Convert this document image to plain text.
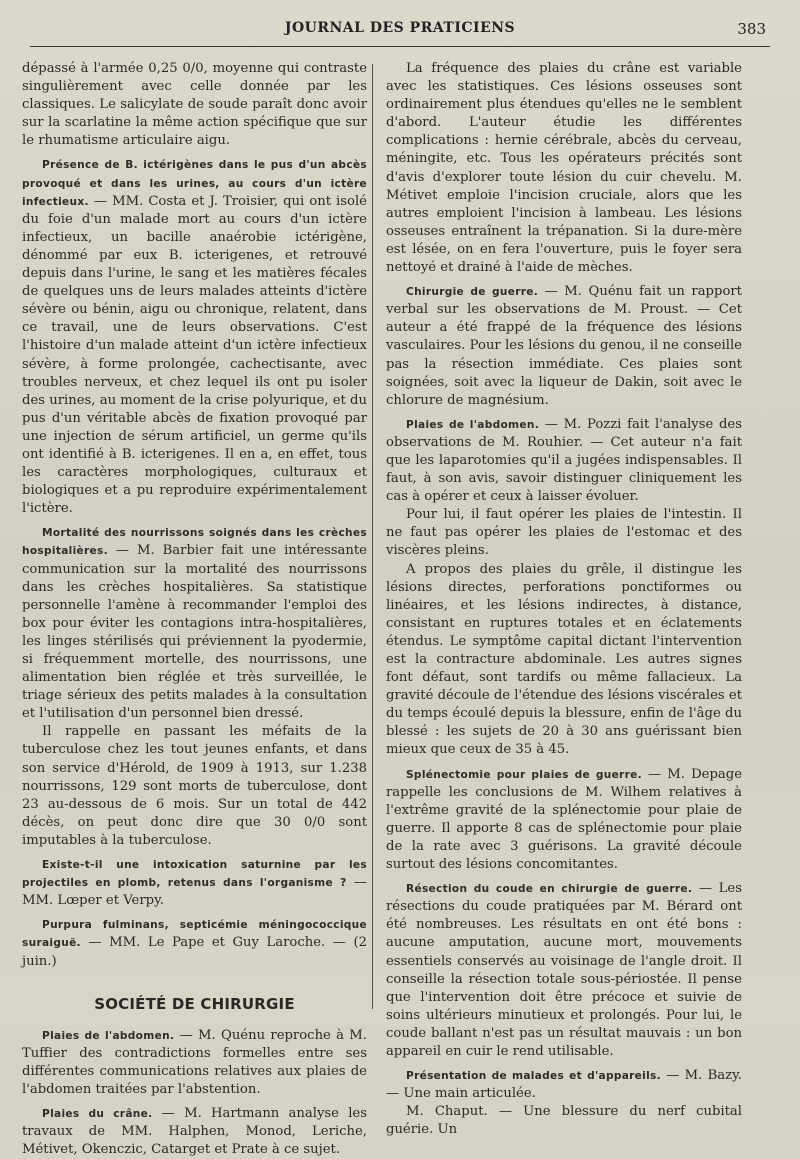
JOURNAL DES PRATICIENS	383

dépassé à l'armée 0,25 0/0, moyenne qui contraste singulièrement avec celle donnée par les classiques. Le salicylate de soude paraît donc avoir sur la scarlatine la même action spécifique que sur le rhumatisme articulaire aigu.

Présence de B. ictérigènes dans le pus d'un abcès provoqué et dans les urines, au cours d'un ictère infectieux. — MM. Costa et J. Troisier, qui ont isolé du foie d'un malade mort au cours d'un ictère infectieux, un bacille anaérobie ictérigène, dénommé par eux B. icterigenes, et retrouvé depuis dans l'urine, le sang et les matières fécales de quelques uns de leurs malades atteints d'ictère sévère ou bénin, aigu ou chronique, relatent, dans ce travail, une de leurs observations. C'est l'histoire d'un malade atteint d'un ictère infectieux sévère, à forme prolongée, cachectisante, avec troubles nerveux, et chez lequel ils ont pu isoler des urines, au moment de la crise polyurique, et du pus d'un véritable abcès de fixation provoqué par une injection de sérum artificiel, un germe qu'ils ont identifié à B. icterigenes. Il en a, en effet, tous les caractères morphologiques, culturaux et biologiques et a pu reproduire expérimentalement l'ictère.

Mortalité des nourrissons soignés dans les crèches hospitalières. — M. Barbier fait une intéressante communication sur la mortalité des nourrissons dans les crèches hospitalières. Sa statistique personnelle l'amène à recommander l'emploi des box pour éviter les contagions intra-hospitalières, les linges stérilisés qui préviennent la pyodermie, si fréquemment mortelle, des nourrissons, une alimentation bien réglée et très surveillée, le triage sérieux des petits malades à la consultation et l'utilisation d'un personnel bien dressé.

Il rappelle en passant les méfaits de la tuberculose chez les tout jeunes enfants, et dans son service d'Hérold, de 1909 à 1913, sur 1.238 nourrissons, 129 sont morts de tuberculose, dont 23 au-dessous de 6 mois. Sur un total de 442 décès, on peut donc dire que 30 0/0 sont imputables à la tuberculose.

Existe-t-il une intoxication saturnine par les projectiles en plomb, retenus dans l'organisme ? — MM. Lœper et Verpy.

Purpura fulminans, septicémie méningococcique suraiguë. — MM. Le Pape et Guy Laroche. — (2 juin.)

SOCIÉTÉ DE CHIRURGIE

Plaies de l'abdomen. — M. Quénu reproche à M. Tuffier des contradictions formelles entre ses différentes communications relatives aux plaies de l'abdomen traitées par l'abstention.

Plaies du crâne. — M. Hartmann analyse les travaux de MM. Halphen, Monod, Leriche, Métivet, Okenczic, Catarget et Prate à ce sujet.

La fréquence des plaies du crâne est variable avec les statistiques. Ces lésions osseuses sont ordinairement plus étendues qu'elles ne le semblent d'abord. L'auteur étudie les différentes complications : hernie cérébrale, abcès du cerveau, méningite, etc. Tous les opérateurs précités sont d'avis d'explorer toute lésion du cuir chevelu. M. Métivet emploie l'incision cruciale, alors que les autres emploient l'incision à lambeau. Les lésions osseuses entraînent la trépanation. Si la dure-mère est lésée, on en fera l'ouverture, puis le foyer sera nettoyé et drainé à l'aide de mèches.

Chirurgie de guerre. — M. Quénu fait un rapport verbal sur les observations de M. Proust. — Cet auteur a été frappé de la fréquence des lésions vasculaires. Pour les lésions du genou, il ne conseille pas la résection immédiate. Ces plaies sont soignées, soit avec la liqueur de Dakin, soit avec le chlorure de magnésium.

Plaies de l'abdomen. — M. Pozzi fait l'analyse des observations de M. Rouhier. — Cet auteur n'a fait que les laparotomies qu'il a jugées indispensables. Il faut, à son avis, savoir distinguer cliniquement les cas à opérer et ceux à laisser évoluer.

Pour lui, il faut opérer les plaies de l'intestin. Il ne faut pas opérer les plaies de l'estomac et des viscères pleins.

A propos des plaies du grêle, il distingue les lésions directes, perforations ponctiformes ou linéaires, et les lésions indirectes, à distance, consistant en ruptures totales et en éclatements étendus. Le symptôme capital dictant l'intervention est la contracture abdominale. Les autres signes font défaut, sont tardifs ou même fallacieux. La gravité découle de l'étendue des lésions viscérales et du temps écoulé depuis la blessure, enfin de l'âge du blessé : les sujets de 20 à 30 ans guérissant bien mieux que ceux de 35 à 45.

Splénectomie pour plaies de guerre. — M. Depage rappelle les conclusions de M. Wilhem relatives à l'extrême gravité de la splénectomie pour plaie de guerre. Il apporte 8 cas de splénectomie pour plaie de la rate avec 3 guérisons. La gravité découle surtout des lésions concomitantes.

Résection du coude en chirurgie de guerre. — Les résections du coude pratiquées par M. Bérard ont été nombreuses. Les résultats en ont été bons : aucune amputation, aucune mort, mouvements essentiels conservés au voisinage de l'angle droit. Il conseille la résection totale sous-périostée. Il pense que l'intervention doit être précoce et suivie de soins ultérieurs minutieux et prolongés. Pour lui, le coude ballant n'est pas un résultat mauvais : un bon appareil en cuir le rend utilisable.

Présentation de malades et d'appareils. — M. Bazy. — Une main articulée.

M. Chaput. — Une blessure du nerf cubital guérie. Un
